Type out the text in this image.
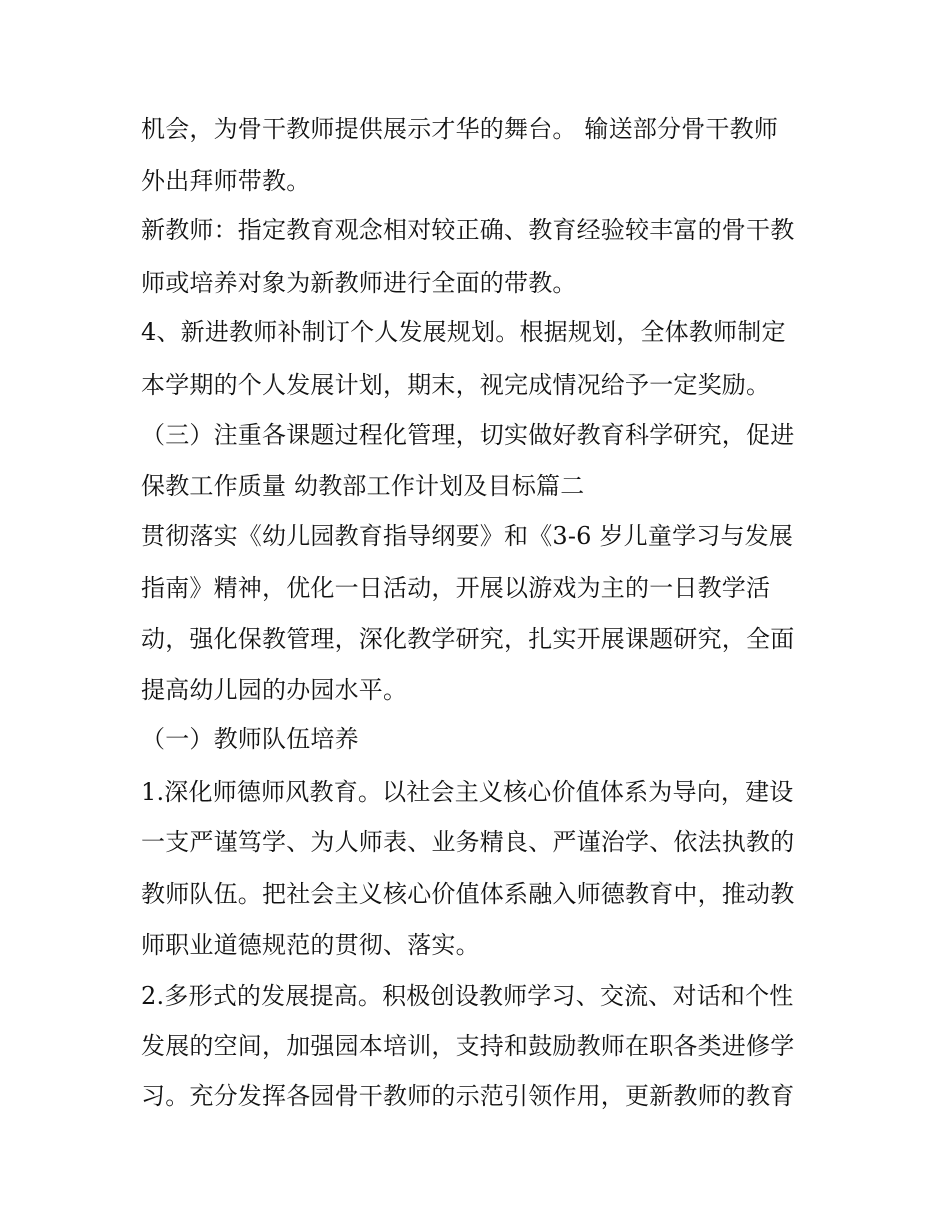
机会，为骨干教师提供展示才华的舞台。 输送部分骨干教师
外出拜师带教。
新教师：指定教育观念相对较正确、教育经验较丰富的骨干教
师或培养对象为新教师进行全面的带教。
4、新进教师补制订个人发展规划。根据规划，全体教师制定
本学期的个人发展计划，期末，视完成情况给予一定奖励。
（三）注重各课题过程化管理，切实做好教育科学研究，促进
保教工作质量 幼教部工作计划及目标篇二
贯彻落实《幼儿园教育指导纲要》和《3-6 岁儿童学习与发展
指南》精神，优化一日活动，开展以游戏为主的一日教学活
动，强化保教管理，深化教学研究，扎实开展课题研究，全面
提高幼儿园的办园水平。
（一）教师队伍培养
1.深化师德师风教育。以社会主义核心价值体系为导向，建设
一支严谨笃学、为人师表、业务精良、严谨治学、依法执教的
教师队伍。把社会主义核心价值体系融入师德教育中，推动教
师职业道德规范的贯彻、落实。
2.多形式的发展提高。积极创设教师学习、交流、对话和个性
发展的空间，加强园本培训，支持和鼓励教师在职各类进修学
习。充分发挥各园骨干教师的示范引领作用，更新教师的教育
